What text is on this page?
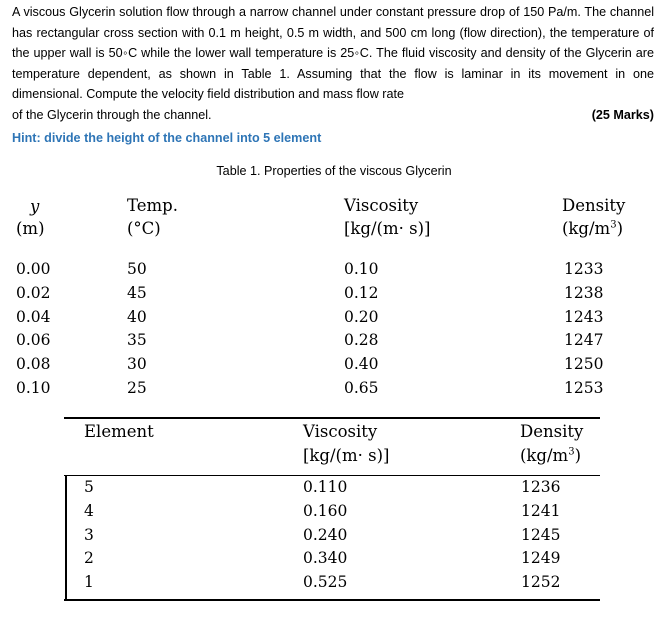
A viscous Glycerin solution flow through a narrow channel under constant pressure drop of 150 Pa/m. The channel has rectangular cross section with 0.1 m height, 0.5 m width, and 500 cm long (flow direction), the temperature of the upper wall is 50◦C while the lower wall temperature is 25◦C. The fluid viscosity and density of the Glycerin are temperature dependent, as shown in Table 1. Assuming that the flow is laminar in its movement in one dimensional. Compute the velocity field distribution and mass flow rate
of the Glycerin through the channel.	(25 Marks)
Hint: divide the height of the channel into 5 element
Table 1. Properties of the viscous Glycerin
y
(m)
Temp.
(°C)
Viscosity
[kg/(m· s)]
Density
$(kg/m^3)$
0.00
0.02
0.04
0.06
0.08
0.10
50
45
40
35
30
25
0.10
0.12
0.20
0.28
0.40
0.65
1233
1238
1243
1247
1250
1253
Element	Viscosity
[kg/(m· s)]
Density
$(kg/m^3)$
5
4
3
2
1
0.110
0.160
0.240
0.340
0.525
1236
1241
1245
1249
1252
